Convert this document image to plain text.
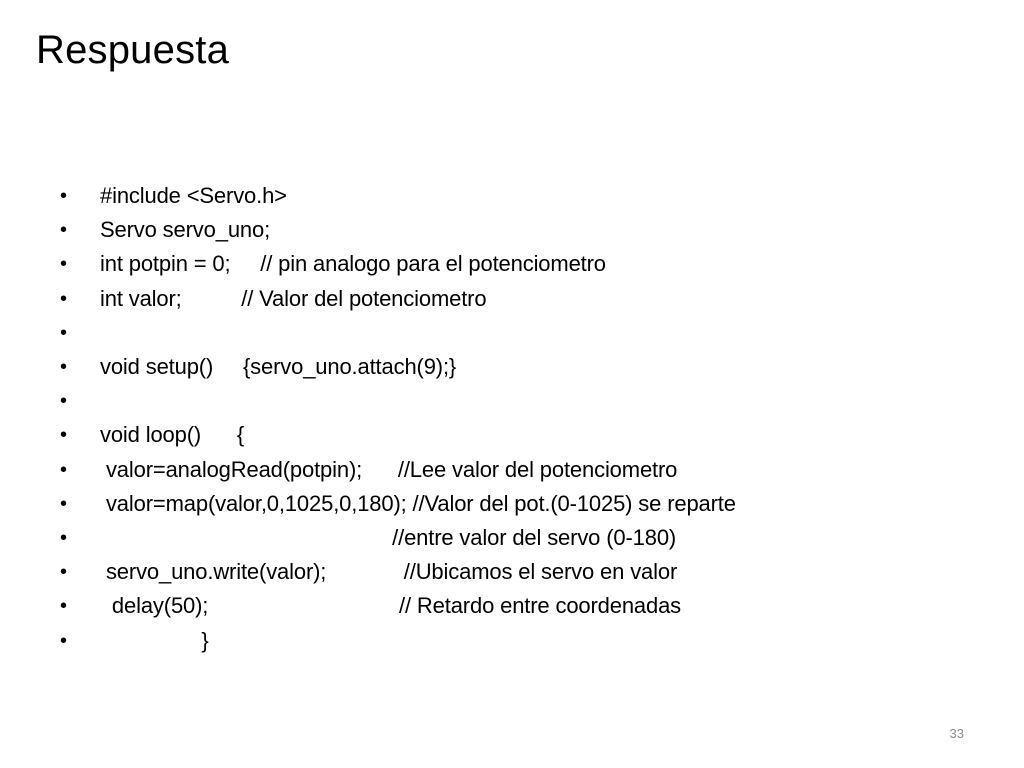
Respuesta
•	#include <Servo.h>
•	Servo servo_uno;
•	int potpin = 0;     // pin analogo para el potenciometro
•	int valor;          // Valor del potenciometro
•
•	void setup()     {servo_uno.attach(9);}
•
•	void loop()      {
•	valor=analogRead(potpin);      //Lee valor del potenciometro
•	valor=map(valor,0,1025,0,180); //Valor del pot.(0-1025) se reparte
•	//entre valor del servo (0-180)
•	servo_uno.write(valor);             //Ubicamos el servo en valor
•	delay(50);                                // Retardo entre coordenadas
•	}
33
